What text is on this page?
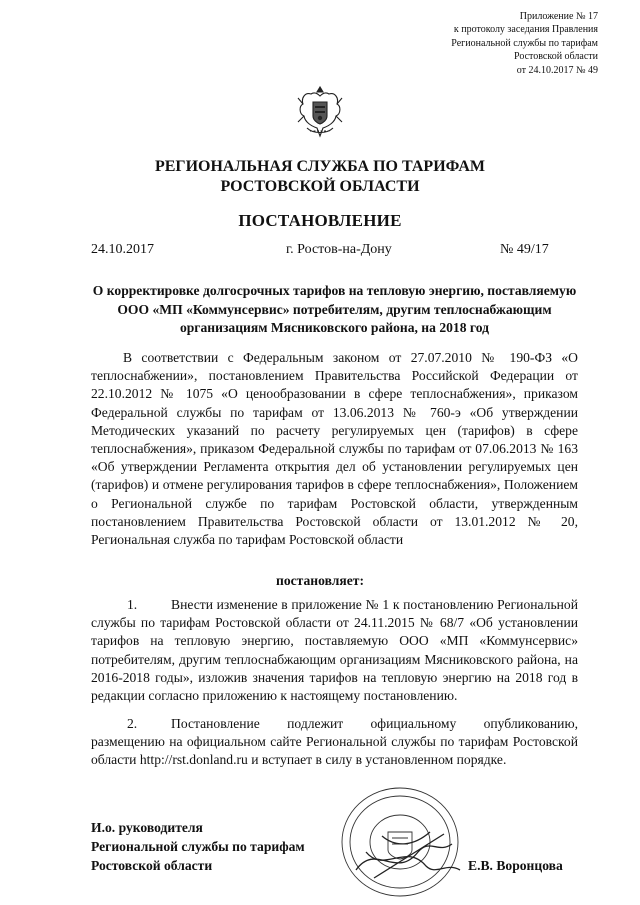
Приложение № 17
к протоколу заседания Правления
Региональной службы по тарифам
Ростовской области
от 24.10.2017 № 49
РЕГИОНАЛЬНАЯ СЛУЖБА ПО ТАРИФАМ
РОСТОВСКОЙ ОБЛАСТИ
ПОСТАНОВЛЕНИЕ
24.10.2017	г. Ростов-на-Дону	№ 49/17
О корректировке долгосрочных тарифов на тепловую энергию, поставляемую ООО «МП «Коммунсервис» потребителям, другим теплоснабжающим организациям Мясниковского района, на 2018 год

В соответствии с Федеральным законом от 27.07.2010 № 190-ФЗ «О теплоснабжении», постановлением Правительства Российской Федерации от 22.10.2012 № 1075 «О ценообразовании в сфере теплоснабжения», приказом Федеральной службы по тарифам от 13.06.2013 № 760-э «Об утверждении Методических указаний по расчету регулируемых цен (тарифов) в сфере теплоснабжения», приказом Федеральной службы по тарифам от 07.06.2013 № 163 «Об утверждении Регламента открытия дел об установлении регулируемых цен (тарифов) и отмене регулирования тарифов в сфере теплоснабжения», Положением о Региональной службе по тарифам Ростовской области, утвержденным постановлением Правительства Ростовской области от 13.01.2012 № 20, Региональная служба по тарифам Ростовской области

постановляет:
1. Внести изменение в приложение № 1 к постановлению Региональной службы по тарифам Ростовской области от 24.11.2015 № 68/7 «Об установлении тарифов на тепловую энергию, поставляемую ООО «МП «Коммунсервис» потребителям, другим теплоснабжающим организациям Мясниковского района, на 2016-2018 годы», изложив значения тарифов на тепловую энергию на 2018 год в редакции согласно приложению к настоящему постановлению.
2. Постановление подлежит официальному опубликованию, размещению на официальном сайте Региональной службы по тарифам Ростовской области http://rst.donland.ru и вступает в силу в установленном порядке.
И.о. руководителя
Региональной службы по тарифам
Ростовской области	Е.В. Воронцова
